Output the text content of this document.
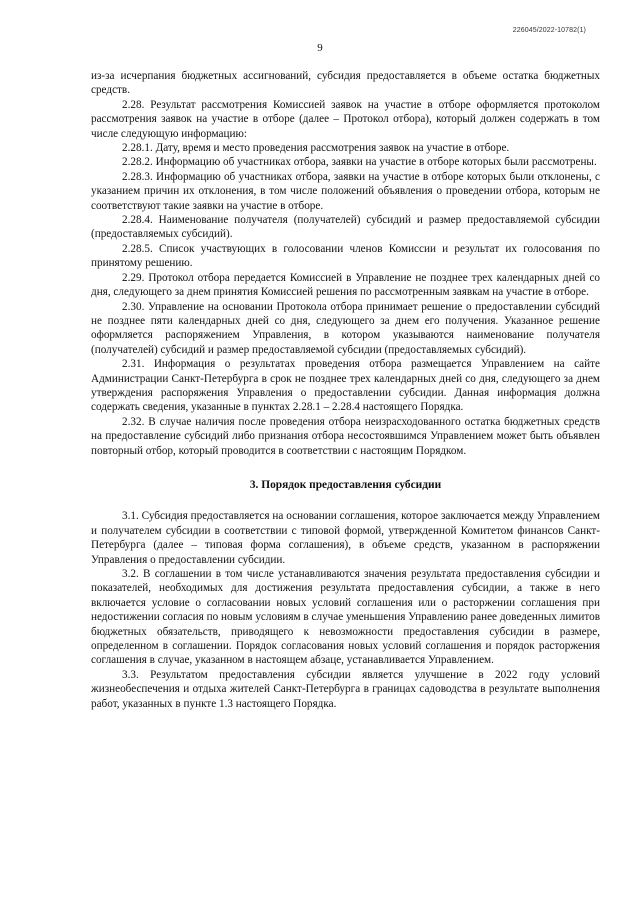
226045/2022-10782(1)
9

из-за исчерпания бюджетных ассигнований, субсидия предоставляется в объеме остатка бюджетных средств.

2.28. Результат рассмотрения Комиссией заявок на участие в отборе оформляется протоколом рассмотрения заявок на участие в отборе (далее – Протокол отбора), который должен содержать в том числе следующую информацию:

2.28.1. Дату, время и место проведения рассмотрения заявок на участие в отборе.

2.28.2. Информацию об участниках отбора, заявки на участие в отборе которых были рассмотрены.

2.28.3. Информацию об участниках отбора, заявки на участие в отборе которых были отклонены, с указанием причин их отклонения, в том числе положений объявления о проведении отбора, которым не соответствуют такие заявки на участие в отборе.

2.28.4. Наименование получателя (получателей) субсидий и размер предоставляемой субсидии (предоставляемых субсидий).

2.28.5. Список участвующих в голосовании членов Комиссии и результат их голосования по принятому решению.

2.29. Протокол отбора передается Комиссией в Управление не позднее трех календарных дней со дня, следующего за днем принятия Комиссией решения по рассмотренным заявкам на участие в отборе.

2.30. Управление на основании Протокола отбора принимает решение о предоставлении субсидий не позднее пяти календарных дней со дня, следующего за днем его получения. Указанное решение оформляется распоряжением Управления, в котором указываются наименование получателя (получателей) субсидий и размер предоставляемой субсидии (предоставляемых субсидий).

2.31. Информация о результатах проведения отбора размещается Управлением на сайте Администрации Санкт-Петербурга в срок не позднее трех календарных дней со дня, следующего за днем утверждения распоряжения Управления о предоставлении субсидии. Данная информация должна содержать сведения, указанные в пунктах 2.28.1 – 2.28.4 настоящего Порядка.

2.32. В случае наличия после проведения отбора неизрасходованного остатка бюджетных средств на предоставление субсидий либо признания отбора несостоявшимся Управлением может быть объявлен повторный отбор, который проводится в соответствии с настоящим Порядком.

3. Порядок предоставления субсидии

3.1. Субсидия предоставляется на основании соглашения, которое заключается между Управлением и получателем субсидии в соответствии с типовой формой, утвержденной Комитетом финансов Санкт-Петербурга (далее – типовая форма соглашения), в объеме средств, указанном в распоряжении Управления о предоставлении субсидии.

3.2. В соглашении в том числе устанавливаются значения результата предоставления субсидии и показателей, необходимых для достижения результата предоставления субсидии, а также в него включается условие о согласовании новых условий соглашения или о расторжении соглашения при недостижении согласия по новым условиям в случае уменьшения Управлению ранее доведенных лимитов бюджетных обязательств, приводящего к невозможности предоставления субсидии в размере, определенном в соглашении. Порядок согласования новых условий соглашения и порядок расторжения соглашения в случае, указанном в настоящем абзаце, устанавливается Управлением.

3.3. Результатом предоставления субсидии является улучшение в 2022 году условий жизнеобеспечения и отдыха жителей Санкт-Петербурга в границах садоводства в результате выполнения работ, указанных в пункте 1.3 настоящего Порядка.
